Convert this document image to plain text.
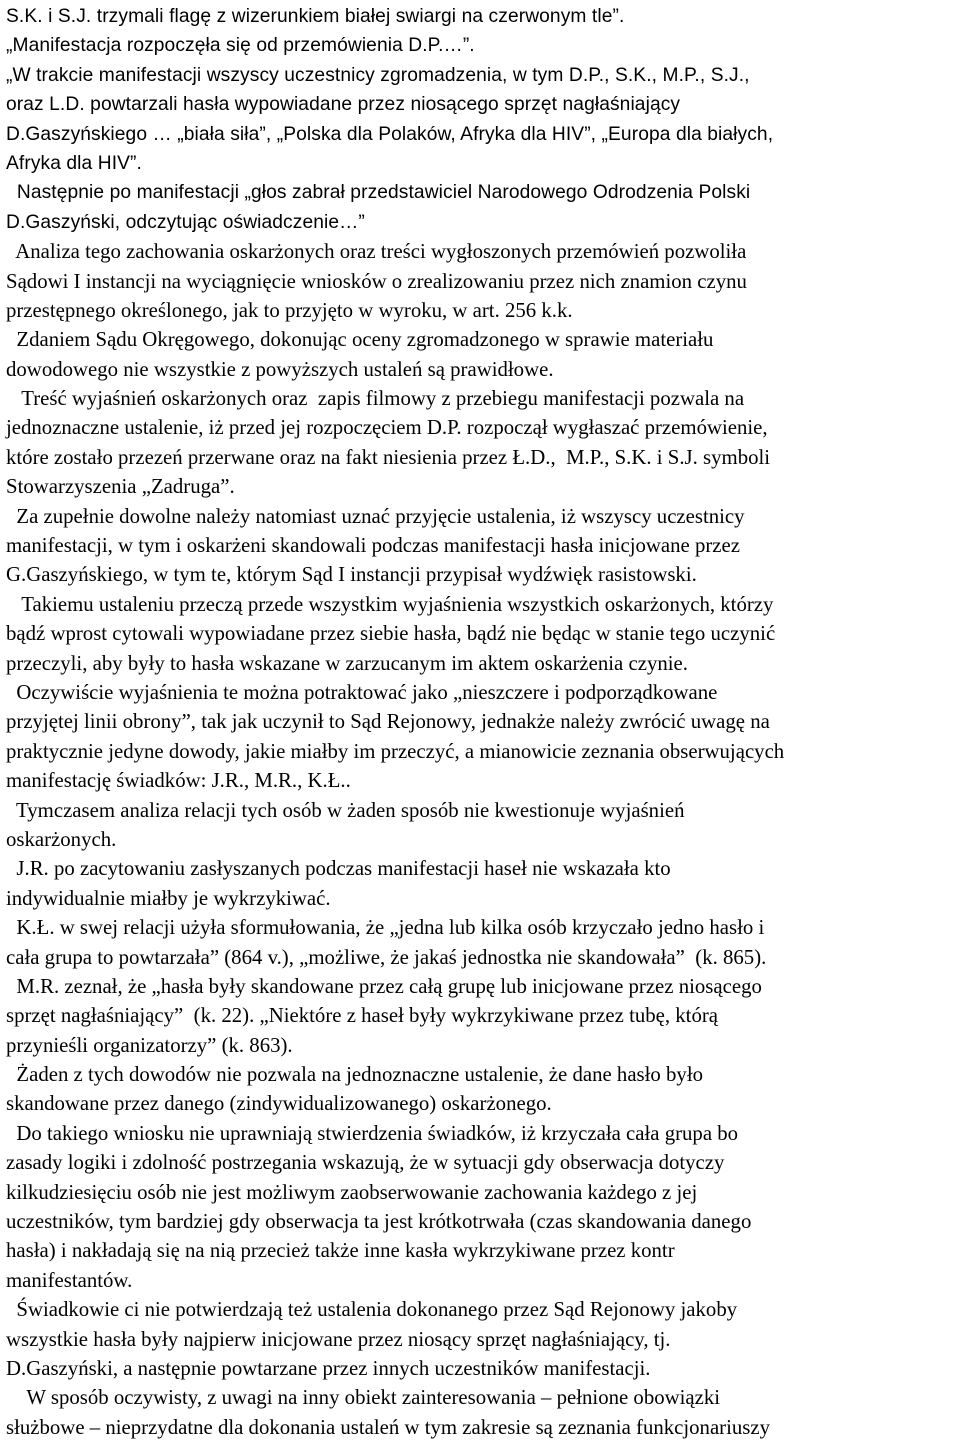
S.K. i S.J. trzymali flagę z wizerunkiem białej swiargi na czerwonym tle”.
„Manifestacja rozpoczęła się od przemówienia D.P.…”.
„W trakcie manifestacji wszyscy uczestnicy zgromadzenia, w tym D.P., S.K., M.P., S.J.,
oraz L.D. powtarzali hasła wypowiadane przez niosącego sprzęt nagłaśniający
D.Gaszyńskiego … „biała siła”, „Polska dla Polaków, Afryka dla HIV”, „Europa dla białych,
Afryka dla HIV”.
Następnie po manifestacji „głos zabrał przedstawiciel Narodowego Odrodzenia Polski
D.Gaszyński, odczytując oświadczenie…”
Analiza tego zachowania oskarżonych oraz treści wygłoszonych przemówień pozwoliła
Sądowi I instancji na wyciągnięcie wniosków o zrealizowaniu przez nich znamion czynu
przestępnego określonego, jak to przyjęto w wyroku, w art. 256 k.k.
Zdaniem Sądu Okręgowego, dokonując oceny zgromadzonego w sprawie materiału
dowodowego nie wszystkie z powyższych ustaleń są prawidłowe.
Treść wyjaśnień oskarżonych oraz  zapis filmowy z przebiegu manifestacji pozwala na
jednoznaczne ustalenie, iż przed jej rozpoczęciem D.P. rozpoczął wygłaszać przemówienie,
które zostało przezeń przerwane oraz na fakt niesienia przez Ł.D.,  M.P., S.K. i S.J. symboli
Stowarzyszenia „Zadruga”.
Za zupełnie dowolne należy natomiast uznać przyjęcie ustalenia, iż wszyscy uczestnicy
manifestacji, w tym i oskarżeni skandowali podczas manifestacji hasła inicjowane przez
G.Gaszyńskiego, w tym te, którym Sąd I instancji przypisał wydźwięk rasistowski.
Takiemu ustaleniu przeczą przede wszystkim wyjaśnienia wszystkich oskarżonych, którzy
bądź wprost cytowali wypowiadane przez siebie hasła, bądź nie będąc w stanie tego uczynić
przeczyli, aby były to hasła wskazane w zarzucanym im aktem oskarżenia czynie.
Oczywiście wyjaśnienia te można potraktować jako „nieszczere i podporządkowane
przyjętej linii obrony”, tak jak uczynił to Sąd Rejonowy, jednakże należy zwrócić uwagę na
praktycznie jedyne dowody, jakie miałby im przeczyć, a mianowicie zeznania obserwujących
manifestację świadków: J.R., M.R., K.Ł..
Tymczasem analiza relacji tych osób w żaden sposób nie kwestionuje wyjaśnień
oskarżonych.
J.R. po zacytowaniu zasłyszanych podczas manifestacji haseł nie wskazała kto
indywidualnie miałby je wykrzykiwać.
K.Ł. w swej relacji użyła sformułowania, że „jedna lub kilka osób krzyczało jedno hasło i
cała grupa to powtarzała” (864 v.), „możliwe, że jakaś jednostka nie skandowała”  (k. 865).
M.R. zeznał, że „hasła były skandowane przez całą grupę lub inicjowane przez niosącego
sprzęt nagłaśniający”  (k. 22). „Niektóre z haseł były wykrzykiwane przez tubę, którą
przynieśli organizatorzy” (k. 863).
Żaden z tych dowodów nie pozwala na jednoznaczne ustalenie, że dane hasło było
skandowane przez danego (zindywidualizowanego) oskarżonego.
Do takiego wniosku nie uprawniają stwierdzenia świadków, iż krzyczała cała grupa bo
zasady logiki i zdolność postrzegania wskazują, że w sytuacji gdy obserwacja dotyczy
kilkudziesięciu osób nie jest możliwym zaobserwowanie zachowania każdego z jej
uczestników, tym bardziej gdy obserwacja ta jest krótkotrwała (czas skandowania danego
hasła) i nakładają się na nią przecież także inne kasła wykrzykiwane przez kontr
manifestantów.
Świadkowie ci nie potwierdzają też ustalenia dokonanego przez Sąd Rejonowy jakoby
wszystkie hasła były najpierw inicjowane przez niosący sprzęt nagłaśniający, tj.
D.Gaszyński, a następnie powtarzane przez innych uczestników manifestacji.
W sposób oczywisty, z uwagi na inny obiekt zainteresowania – pełnione obowiązki
służbowe – nieprzydatne dla dokonania ustaleń w tym zakresie są zeznania funkcjonariuszy
